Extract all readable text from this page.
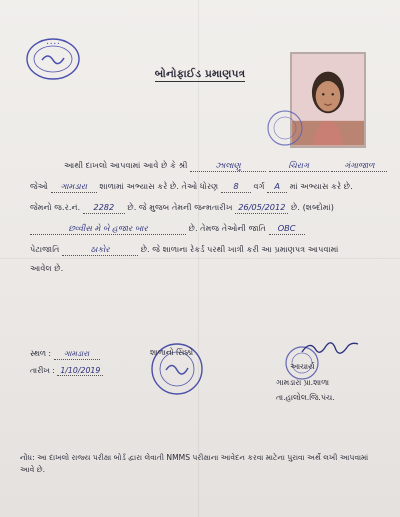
• • • •
બોનોફાઈડ પ્રમાણપત્ર
આથી દાખલો આપવામાં આવે છે કે શ્રી	ઝાલાણુ	ચિરાગ	ગંગાજાળ
જેઓ ગામડારા શાળામાં અભ્યાસ કરે છે. તેઓ ધોરણ 8 વર્ગ A માં અભ્યાસ કરે છે.
જેમનો જ.ર.નં. 2282 છે. જે મુજબ તેમની જન્મતારીખ 26/05/2012 છે. (શબ્દોમાં)
છવ્વીસ મે બે હજાર બાર	છે. તેમજ તેઓની જાતિ OBC
પેટાજાતિ	ઠાકોર	છે. જે શાળાના રેકર્ડ પરથી ખાત્રી કરી આ પ્રમાણપત્ર આપવામાં
આવેલ છે.
સ્થળ : ગામડારા
તારીખ : 1/10/2019
શાળાનો સિક્કો
આચાર્ય
ગામડારા પ્રા.શાળા
તા.હાલોલ.જિ.પંચ.
નોંધ: આ દાખલો રાજ્ય પરીક્ષા બોર્ડ દ્વારા લેવાતી NMMS પરીક્ષાના આવેદન કરવા માટેના પુરાવા અર્થે લખી આપવામાં આવે છે.
